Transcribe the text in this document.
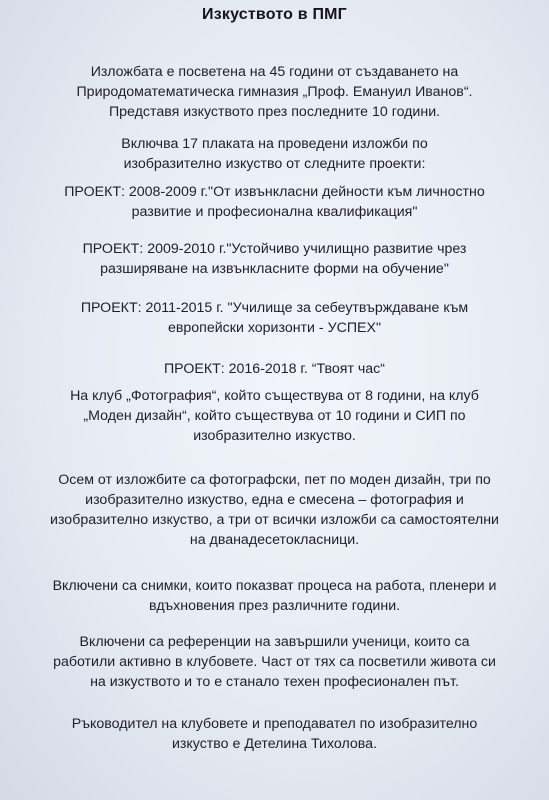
Изкуството в ПМГ

Изложбата е посветена на 45 години от създаването на
Природоматематическа гимназия „Проф. Емануил Иванов“.
Представя изкуството през последните 10 години.

Включва 17 плаката на проведени изложби по
изобразително изкуство от следните проекти:

ПРОЕКТ: 2008-2009 г."От извънкласни дейности към личностно
развитие и професионална квалификация"

ПРОЕКТ: 2009-2010 г."Устойчиво училищно развитие чрез
разширяване на извънкласните форми на обучение"

ПРОЕКТ: 2011-2015 г. "Училище за себеутвърждаване към
европейски хоризонти - УСПЕХ"

ПРОЕКТ: 2016-2018 г. “Твоят час“

На клуб „Фотография“, който съществува от 8 години, на клуб
„Моден дизайн“, който съществува от 10 години и СИП по
изобразително изкуство.

Осем от изложбите са фотографски, пет по моден дизайн, три по
изобразително изкуство, една е смесена – фотография и
изобразително изкуство, а три от всички изложби са самостоятелни
на дванадесетокласници.

Включени са снимки, които показват процеса на работа, пленери и
вдъхновения през различните години.

Включени са референции на завършили ученици, които са
работили активно в клубовете. Част от тях са посветили живота си
на изкуството и то е станало техен професионален път.

Ръководител на клубовете и преподавател по изобразително
изкуство е Детелина Тихолова.
